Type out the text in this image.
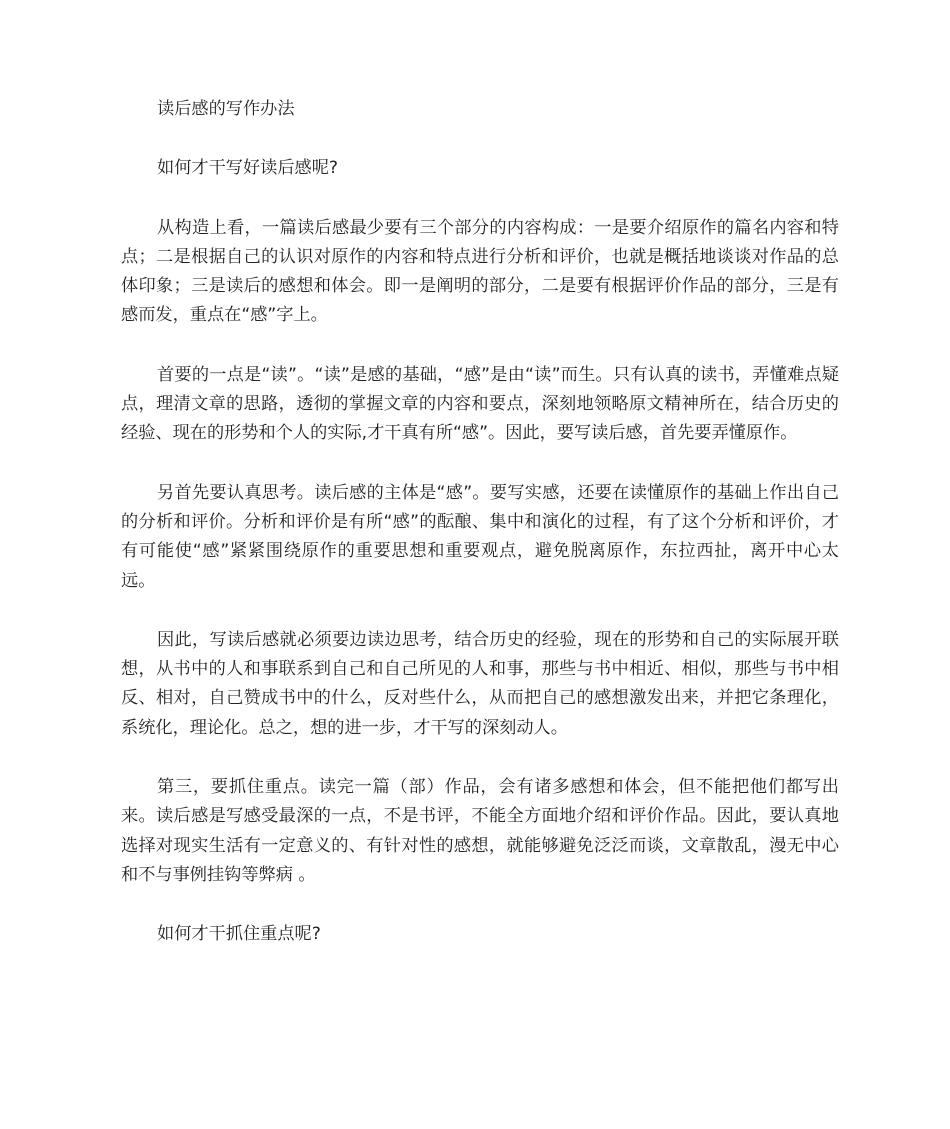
读后感的写作办法

如何才干写好读后感呢?

从构造上看，一篇读后感最少要有三个部分的内容构成：一是要介绍原作的篇名内容和特点；二是根据自己的认识对原作的内容和特点进行分析和评价，也就是概括地谈谈对作品的总体印象；三是读后的感想和体会。即一是阐明的部分，二是要有根据评价作品的部分，三是有感而发，重点在“感”字上。

首要的一点是“读”。“读”是感的基础，“感”是由“读”而生。只有认真的读书，弄懂难点疑点，理清文章的思路，透彻的掌握文章的内容和要点，深刻地领略原文精神所在，结合历史的经验、现在的形势和个人的实际,才干真有所“感”。因此，要写读后感，首先要弄懂原作。

另首先要认真思考。读后感的主体是“感”。要写实感，还要在读懂原作的基础上作出自己的分析和评价。分析和评价是有所“感”的酝酿、集中和演化的过程，有了这个分析和评价，才有可能使“感”紧紧围绕原作的重要思想和重要观点，避免脱离原作，东拉西扯，离开中心太远。

因此，写读后感就必须要边读边思考，结合历史的经验，现在的形势和自己的实际展开联想，从书中的人和事联系到自己和自己所见的人和事，那些与书中相近、相似，那些与书中相反、相对，自己赞成书中的什么，反对些什么，从而把自己的感想激发出来，并把它条理化，系统化，理论化。总之，想的进一步，才干写的深刻动人。

第三，要抓住重点。读完一篇（部）作品，会有诸多感想和体会，但不能把他们都写出来。读后感是写感受最深的一点，不是书评，不能全方面地介绍和评价作品。因此，要认真地选择对现实生活有一定意义的、有针对性的感想，就能够避免泛泛而谈，文章散乱，漫无中心和不与事例挂钩等弊病 。

如何才干抓住重点呢?
